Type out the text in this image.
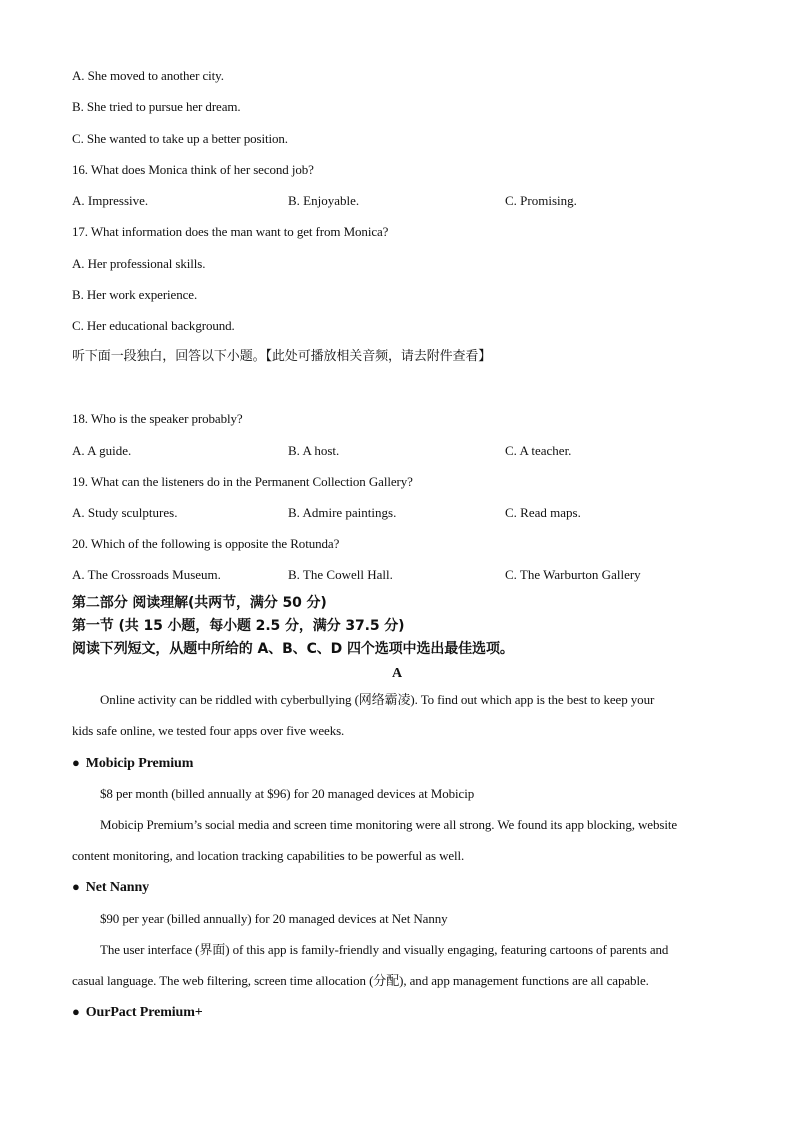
A. She moved to another city.
B. She tried to pursue her dream.
C. She wanted to take up a better position.
16. What does Monica think of her second job?
A. Impressive.	B. Enjoyable.	C. Promising.
17. What information does the man want to get from Monica?
A. Her professional skills.
B. Her work experience.
C. Her educational background.
听下面一段独白，回答以下小题。【此处可播放相关音频，请去附件查看】
18. Who is the speaker probably?
A. A guide.	B. A host.	C. A teacher.
19. What can the listeners do in the Permanent Collection Gallery?
A. Study sculptures.	B. Admire paintings.	C. Read maps.
20. Which of the following is opposite the Rotunda?
A. The Crossroads Museum.	B. The Cowell Hall.	C. The Warburton Gallery
第二部分 阅读理解(共两节，满分 50 分)
第一节 (共 15 小题，每小题 2.5 分，满分 37.5 分)
阅读下列短文，从题中所给的 A、B、C、D 四个选项中选出最佳选项。
A
Online activity can be riddled with cyberbullying (网络霸凌). To find out which app is the best to keep your
kids safe online, we tested four apps over five weeks.
● Mobicip Premium
$8 per month (billed annually at $96) for 20 managed devices at Mobicip
Mobicip Premium’s social media and screen time monitoring were all strong. We found its app blocking, website
content monitoring, and location tracking capabilities to be powerful as well.
● Net Nanny
$90 per year (billed annually) for 20 managed devices at Net Nanny
The user interface (界面) of this app is family-friendly and visually engaging, featuring cartoons of parents and
casual language. The web filtering, screen time allocation (分配), and app management functions are all capable.
● OurPact Premium+
